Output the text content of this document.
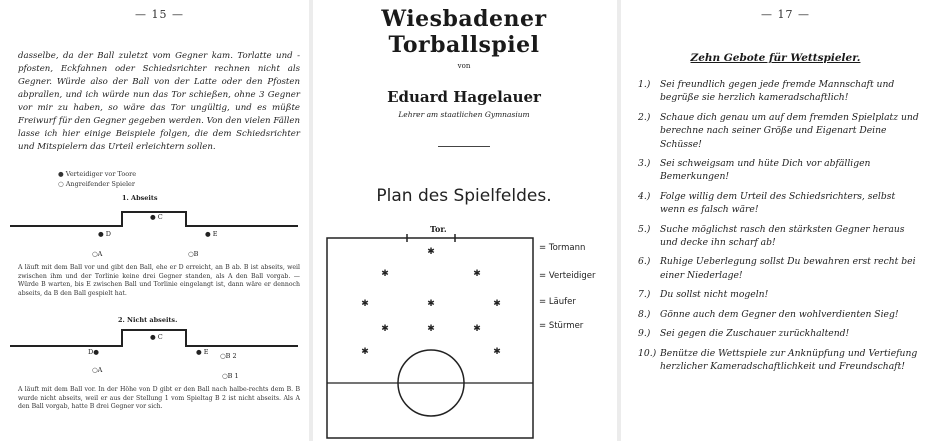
— 15 —
dasselbe, da der Ball zuletzt vom Gegner kam. Torlatte und -pfosten, Eckfahnen oder Schiedsrichter rechnen nicht als Gegner. Würde also der Ball von der Latte oder den Pfosten abprallen, und ich würde nun das Tor schießen, ohne 3 Gegner vor mir zu haben, so wäre das Tor ungültig, und es müßte Freiwurf für den Gegner gegeben werden. Von den vielen Fällen lasse ich hier einige Beispiele folgen, die dem Schiedsrichter und Mitspielern das Urteil erleichtern sollen.
● Verteidiger vor Toore
○ Angreifender Spieler
1. Abseits
● C
● D	● E
○A	○B
A läuft mit dem Ball vor und gibt den Ball, ehe er D erreicht, an B ab. B ist abseits, weil zwischen ihm und der Torlinie keine drei Gegner standen, als A den Ball vorgab. — Würde B warten, bis E zwischen Ball und Torlinie eingelangt ist, dann wäre er dennoch abseits, da B den Ball gespielt hat.
2. Nicht abseits.
● C
D●	● E ○B 2
○B 1
○A
A läuft mit dem Ball vor. In der Höhe von D gibt er den Ball nach halbe-rechts dem B. B wurde nicht abseits, weil er aus der Stellung 1 vom Spieltag B 2 ist nicht abseits. Als A den Ball vorgab, hatte B drei Gegner vor sich.
Wiesbadener Torballspiel
von
Eduard Hagelauer
Lehrer am staatlichen Gymnasium
Plan des Spielfeldes.
✱
✱	✱
✱	✱	✱
✱	✱	✱
✱	✱
Tor.
= Tormann
= Verteidiger
= Läufer
= Stürmer
— 17 —
Zehn Gebote für Wettspieler.
1.)	Sei freundlich gegen jede fremde Mannschaft und begrüße sie herzlich kameradschaftlich!
2.)	Schaue dich genau um auf dem fremden Spielplatz und berechne nach seiner Größe und Eigenart Deine Schüsse!
3.)	Sei schweigsam und hüte Dich vor abfälligen Bemerkungen!
4.)	Folge willig dem Urteil des Schiedsrichters, selbst wenn es falsch wäre!
5.)	Suche möglichst rasch den stärksten Gegner heraus und decke ihn scharf ab!
6.)	Ruhige Ueberlegung sollst Du bewahren erst recht bei einer Niederlage!
7.)	Du sollst nicht mogeln!
8.)	Gönne auch dem Gegner den wohlverdienten Sieg!
9.)	Sei gegen die Zuschauer zurückhaltend!
10.) Benütze die Wettspiele zur Anknüpfung und Vertiefung herzlicher Kameradschaftlichkeit und Freundschaft!
